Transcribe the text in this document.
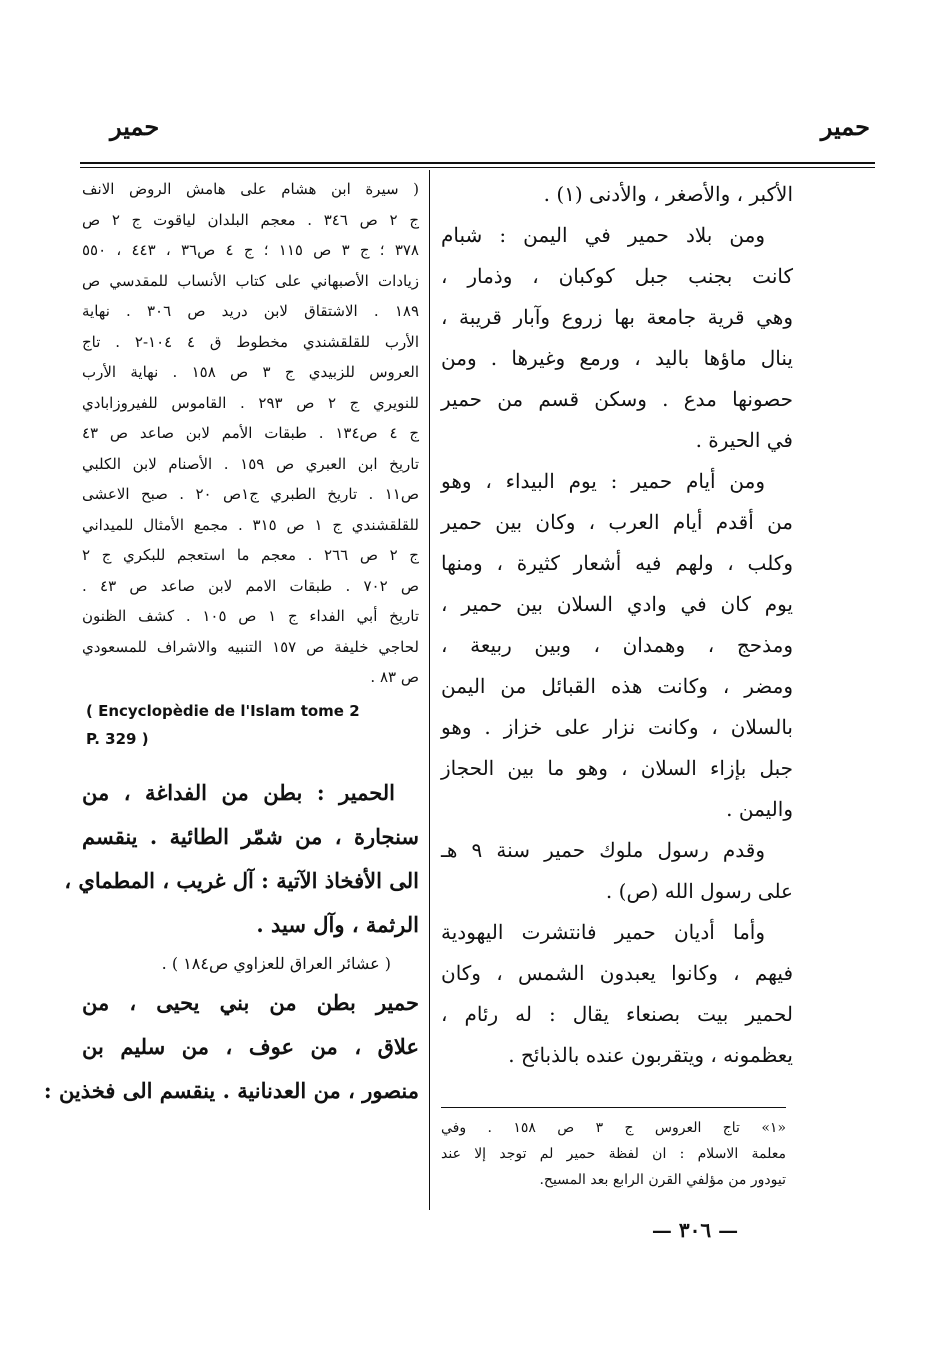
حمير
حمير
الأكبر ، والأصغر ، والأدنى (١) .
ومن بلاد حمير في اليمن : شبام
كانت بجنب جبل كوكبان ، وذمار ،
وهي قرية جامعة بها زروع وآبار قريبة ،
ينال ماؤها باليد ، ورمع وغيرها . ومن
حصونها مدع . وسكن قسم من حمير
في الحيرة .
ومن أيام حمير : يوم البيداء ، وهو
من أقدم أيام العرب ، وكان بين حمير
وكلب ، ولهم فيه أشعار كثيرة ، ومنها
يوم كان في وادي السلان بين حمير ،
ومذحج ، وهمدان ، وبين ربيعة ،
ومضر ، وكانت هذه القبائل من اليمن
بالسلان ، وكانت نزار على خزاز . وهو
جبل بإزاء السلان ، وهو ما بين الحجاز
واليمن .
وقدم رسول ملوك حمير سنة ٩ هـ
على رسول الله (ص) .
وأما أديان حمير فانتشرت اليهودية
فيهم ، وكانوا يعبدون الشمس ، وكان
لحمير بيت بصنعاء يقال : له رئام ،
يعظمونه ، ويتقربون عنده بالذبائح .
«١» تاج العروس ج ٣ ص ١٥٨ . وفي
معلمة الاسلام : ان لفظة حمير لم توجد إلا عند
تيودور من مؤلفي القرن الرابع بعد المسيح.
— ٣٠٦ —
( سيرة ابن هشام على هامش الروض الانف
ج ٢ ص ٣٤٦ . معجم البلدان لياقوت ج ٢ ص
٣٧٨ ؛ ج ٣ ص ١١٥ ؛ ج ٤ ص٣٦ ، ٤٤٣ ، ٥٥٠
زيادات الأصبهاني على كتاب الأنساب للمقدسي ص
١٨٩ . الاشتقاق لابن دريد ص ٣٠٦ . نهاية
الأرب للقلقشندي مخطوط ق ٤ ١٠٤-٢ . تاج
العروس للزبيدي ج ٣ ص ١٥٨ . نهاية الأرب
للنويري ج ٢ ص ٢٩٣ . القاموس للفيروزابادي
ج ٤ ص١٣٤ . طبقات الأمم لابن صاعد ص ٤٣
تاريخ ابن العبري ص ١٥٩ . الأصنام لابن الكلبي
ص١١ . تاريخ الطبري ج١ص ٢٠ . صبح الاعشى
للقلقشندي ج ١ ص ٣١٥ . مجمع الأمثال للميداني
ج ٢ ص ٢٦٦ . معجم ما استعجم للبكري ج ٢
ص ٧٠٢ . طبقات الامم لابن صاعد ص ٤٣ .
تاريخ أبي الفداء ج ١ ص ١٠٥ . كشف الظنون
لحاجي خليفة ص ١٥٧ التنبيه والاشراف للمسعودي
ص ٨٣ .
( Encyclopèdie de l'Islam tome 2
P. 329 )
الحمير : بطن من الفداغة ، من
سنجارة ، من شمّر الطائية . ينقسم
الى الأفخاذ الآتية : آل غريب ، المطماي ،
الرثمة ، وآل سيد .
( عشائر العراق للعزاوي ص١٨٤ ) .
حمير بطن من بني يحيى ، من
علاق ، من عوف ، من سليم بن
منصور ، من العدنانية . ينقسم الى فخذين :
